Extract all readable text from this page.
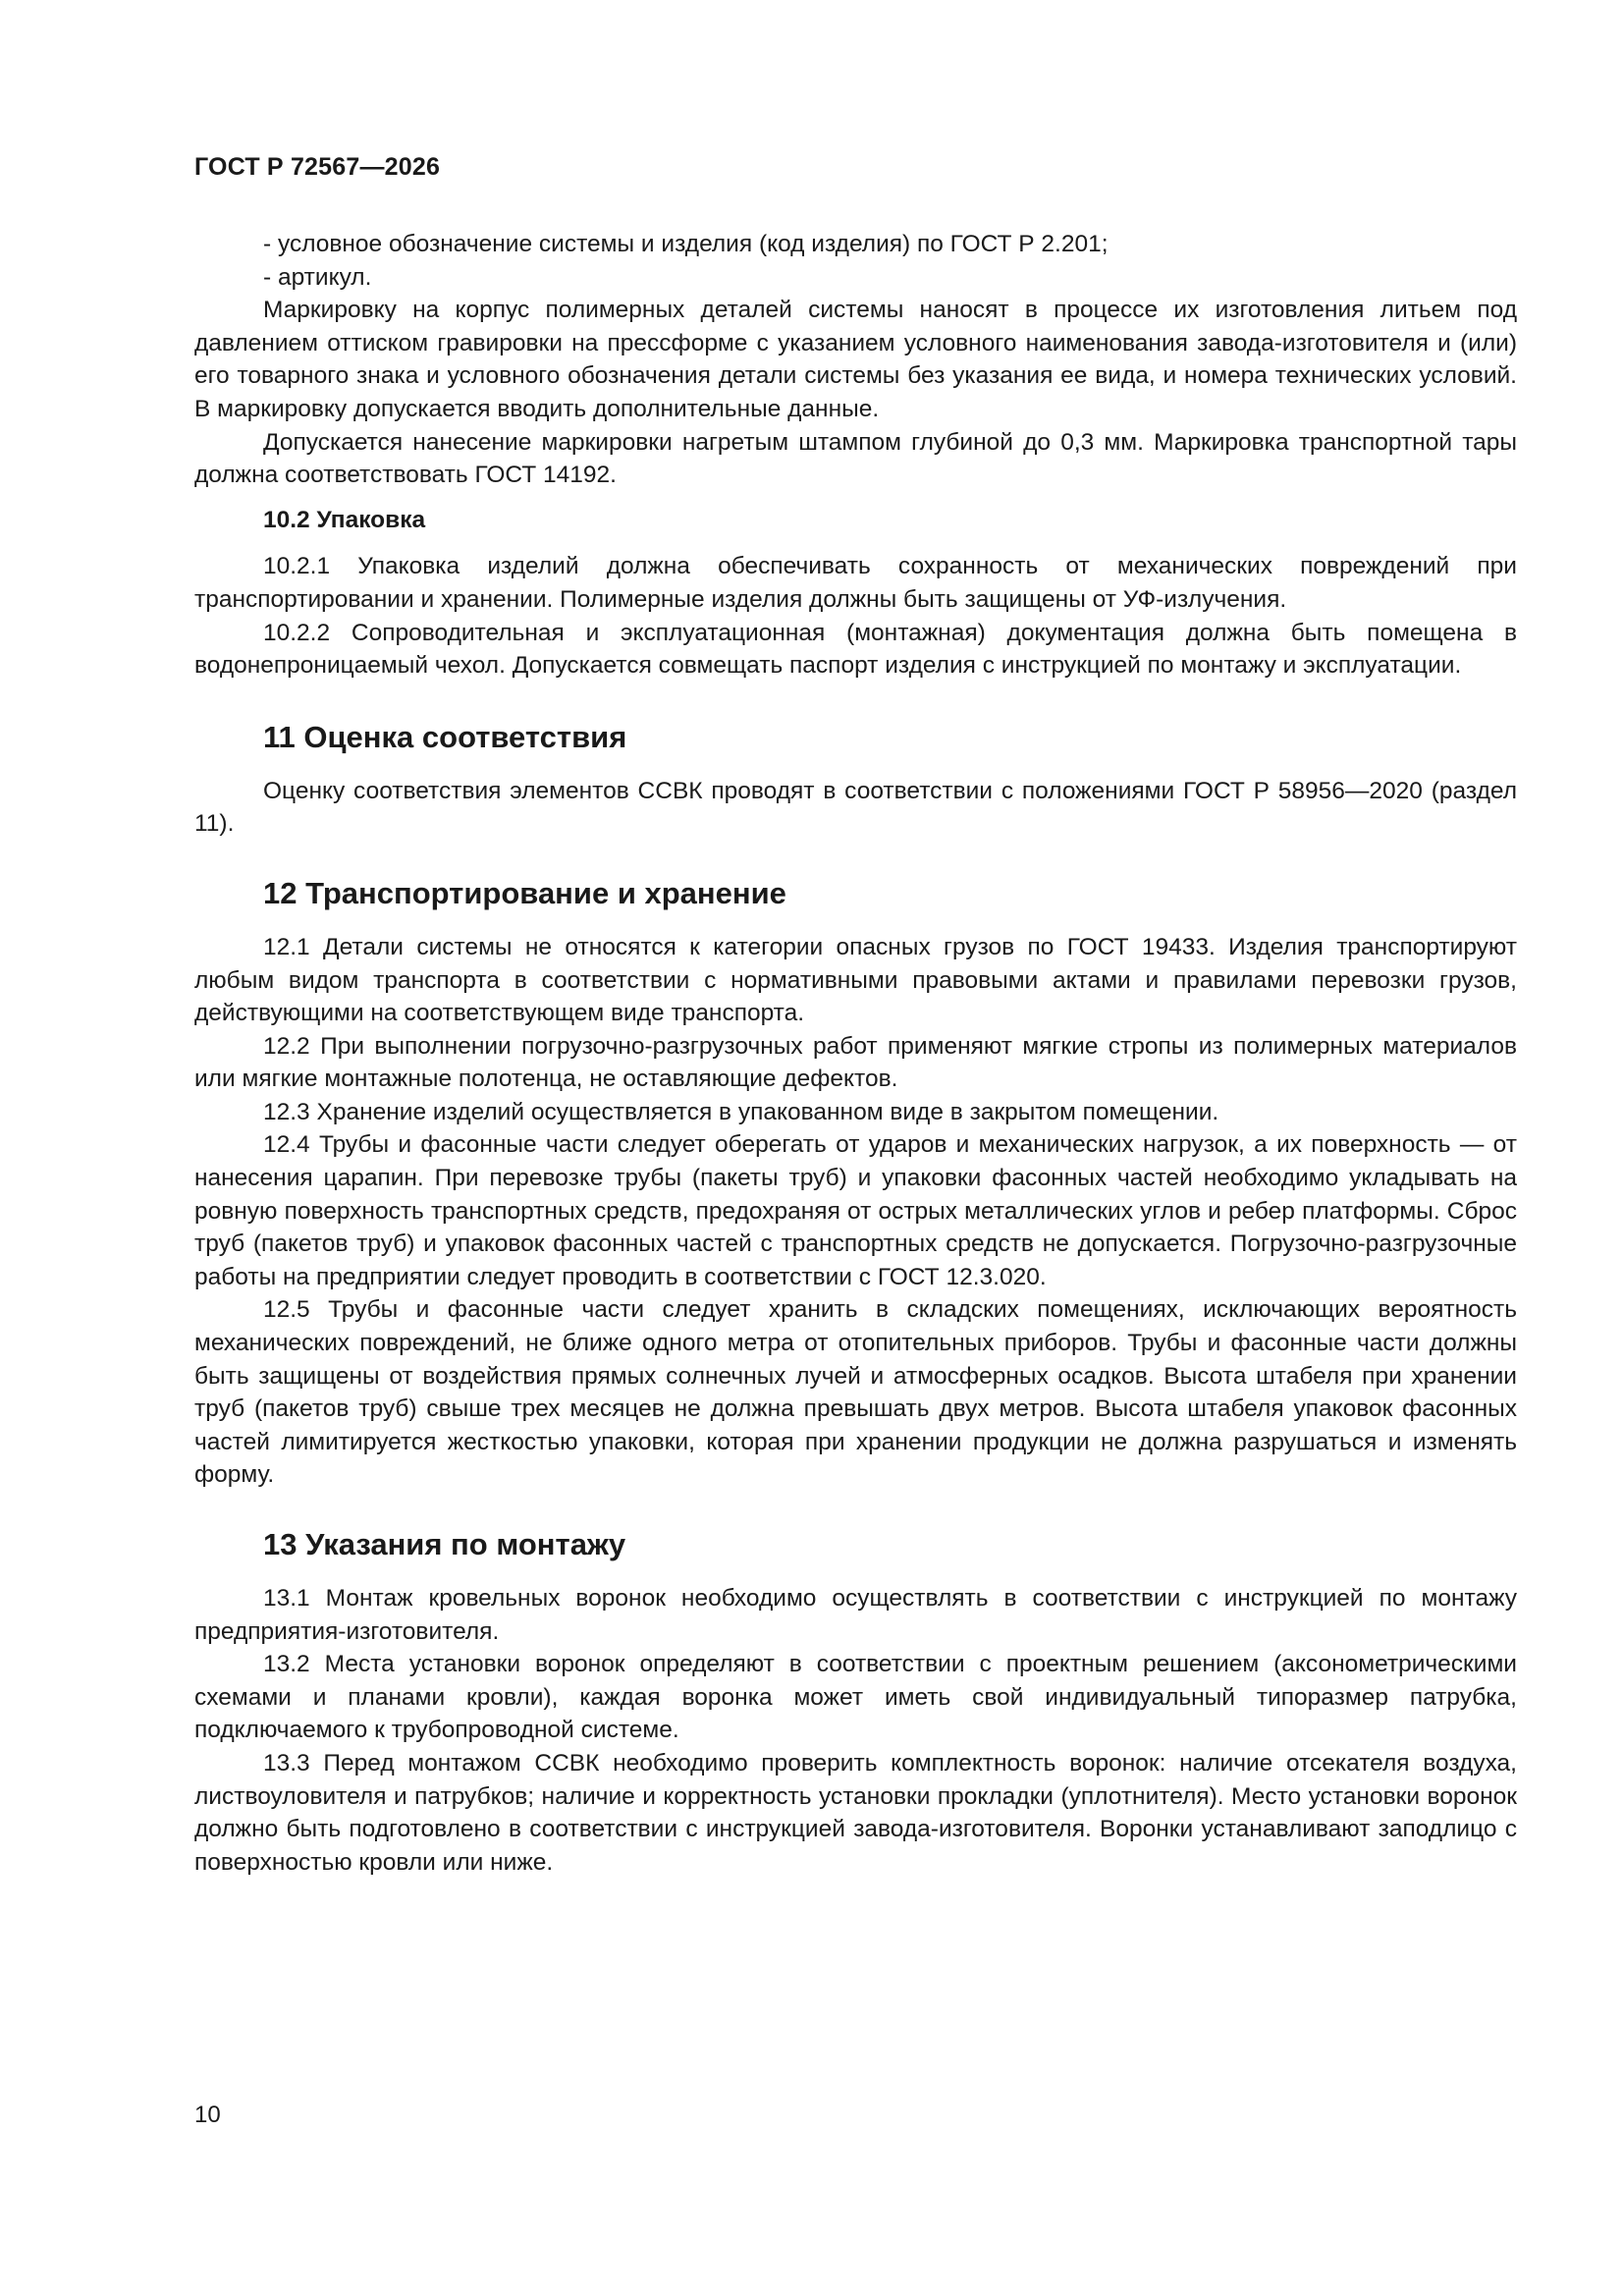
ГОСТ Р 72567—2026

- условное обозначение системы и изделия (код изделия) по ГОСТ Р 2.201;

- артикул.

Маркировку на корпус полимерных деталей системы наносят в процессе их изготовления литьем под давлением оттиском гравировки на прессформе с указанием условного наименования завода-изготовителя и (или) его товарного знака и условного обозначения детали системы без указания ее вида, и номера технических условий. В маркировку допускается вводить дополнительные данные.

Допускается нанесение маркировки нагретым штампом глубиной до 0,3 мм. Маркировка транспортной тары должна соответствовать ГОСТ 14192.

10.2 Упаковка

10.2.1 Упаковка изделий должна обеспечивать сохранность от механических повреждений при транспортировании и хранении. Полимерные изделия должны быть защищены от УФ-излучения.

10.2.2 Сопроводительная и эксплуатационная (монтажная) документация должна быть помещена в водонепроницаемый чехол. Допускается совмещать паспорт изделия с инструкцией по монтажу и эксплуатации.

11 Оценка соответствия

Оценку соответствия элементов ССВК проводят в соответствии с положениями ГОСТ Р 58956—2020 (раздел 11).

12 Транспортирование и хранение

12.1 Детали системы не относятся к категории опасных грузов по ГОСТ 19433. Изделия транспортируют любым видом транспорта в соответствии с нормативными правовыми актами и правилами перевозки грузов, действующими на соответствующем виде транспорта.

12.2 При выполнении погрузочно-разгрузочных работ применяют мягкие стропы из полимерных материалов или мягкие монтажные полотенца, не оставляющие дефектов.

12.3 Хранение изделий осуществляется в упакованном виде в закрытом помещении.

12.4 Трубы и фасонные части следует оберегать от ударов и механических нагрузок, а их поверхность — от нанесения царапин. При перевозке трубы (пакеты труб) и упаковки фасонных частей необходимо укладывать на ровную поверхность транспортных средств, предохраняя от острых металлических углов и ребер платформы. Сброс труб (пакетов труб) и упаковок фасонных частей с транспортных средств не допускается. Погрузочно-разгрузочные работы на предприятии следует проводить в соответствии с ГОСТ 12.3.020.

12.5 Трубы и фасонные части следует хранить в складских помещениях, исключающих вероятность механических повреждений, не ближе одного метра от отопительных приборов. Трубы и фасонные части должны быть защищены от воздействия прямых солнечных лучей и атмосферных осадков. Высота штабеля при хранении труб (пакетов труб) свыше трех месяцев не должна превышать двух метров. Высота штабеля упаковок фасонных частей лимитируется жесткостью упаковки, которая при хранении продукции не должна разрушаться и изменять форму.

13 Указания по монтажу

13.1 Монтаж кровельных воронок необходимо осуществлять в соответствии с инструкцией по монтажу предприятия-изготовителя.

13.2 Места установки воронок определяют в соответствии с проектным решением (аксонометрическими схемами и планами кровли), каждая воронка может иметь свой индивидуальный типоразмер патрубка, подключаемого к трубопроводной системе.

13.3 Перед монтажом ССВК необходимо проверить комплектность воронок: наличие отсекателя воздуха, листвоуловителя и патрубков; наличие и корректность установки прокладки (уплотнителя). Место установки воронок должно быть подготовлено в соответствии с инструкцией завода-изготовителя. Воронки устанавливают заподлицо с поверхностью кровли или ниже.

10
